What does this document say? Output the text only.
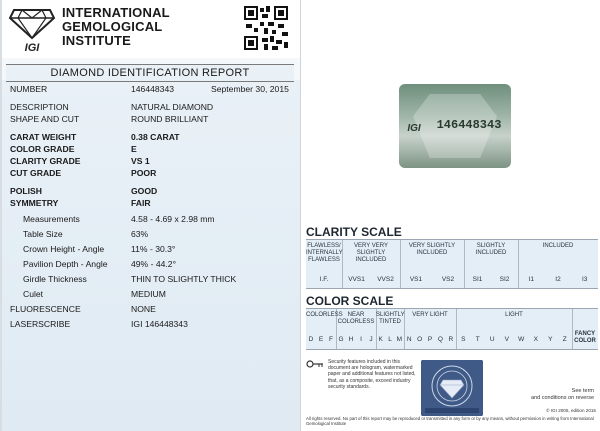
IGI
INTERNATIONAL
GEMOLOGICAL
INSTITUTE
DIAMOND IDENTIFICATION REPORT
NUMBER	146448343	September 30, 2015
DESCRIPTION	NATURAL DIAMOND
SHAPE AND CUT	ROUND BRILLIANT
CARAT WEIGHT	0.38 CARAT
COLOR GRADE	E
CLARITY GRADE	VS 1
CUT GRADE	POOR
POLISH	GOOD
SYMMETRY	FAIR
Measurements	4.58 - 4.69 x 2.98 mm
Table Size	63%
Crown Height - Angle	11% - 30.3°
Pavilion Depth - Angle	49% - 44.2°
Girdle Thickness	THIN TO SLIGHTLY THICK
Culet	MEDIUM
FLUORESCENCE	NONE
LASERSCRIBE	IGI 146448343
IGI	146448343
CLARITY SCALE
FLAWLESS/
INTERNALLY
FLAWLESS
I.F.
VERY VERY
SLIGHTLY
INCLUDED
VVS1	VVS2
VERY SLIGHTLY
INCLUDED
VS1	VS2
SLIGHTLY
INCLUDED
SI1	SI2
INCLUDED
I1	I2	I3
COLOR SCALE
COLORLESS
D E F
NEAR
COLORLESS
G H	I	J
SLIGHTLY
TINTED
K L M
VERY LIGHT
N O P Q R
LIGHT
S	T	U V W X Y	Z
FANCY
COLOR
Security features included in this document are hologram, watermarked paper and additional features not listed, that, as a composite, exceed industry security standards.
See term
and conditions on reverse
© IGI 2005, edition 2015
All rights reserved. No part of this report may be reproduced or transmitted in any form or by any means, without permission in writing from International Gemological Institute
